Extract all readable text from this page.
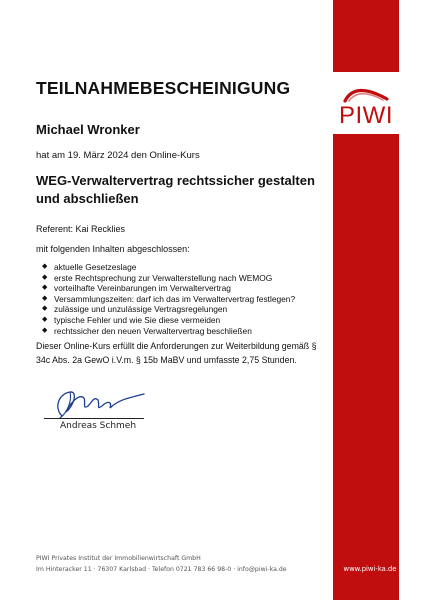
PIWI
TEILNAHMEBESCHEINIGUNG
Michael Wronker
hat am 19. März 2024 den Online-Kurs
WEG-Verwaltervertrag rechtssicher gestalten und abschließen
Referent: Kai Recklies
mit folgenden Inhalten abgeschlossen:
◆ aktuelle Gesetzeslage
◆ erste Rechtsprechung zur Verwalterstellung nach WEMOG
◆ vorteilhafte Vereinbarungen im Verwaltervertrag
◆ Versammlungszeiten: darf ich das im Verwaltervertrag festlegen?
◆ zulässige und unzulässige Vertragsregelungen
◆ typische Fehler und wie Sie diese vermeiden
◆ rechtssicher den neuen Verwaltervertrag beschließen
Dieser Online-Kurs erfüllt die Anforderungen zur Weiterbildung gemäß § 34c Abs. 2a GewO i.V.m. § 15b MaBV und umfasste 2,75 Stunden.
Andreas Schmeh
PIWI Privates Institut der Immobilienwirtschaft GmbH
Im Hinteracker 11 · 76307 Karlsbad · Telefon 0721 783 66 98-0 · info@piwi-ka.de	www.piwi-ka.de
